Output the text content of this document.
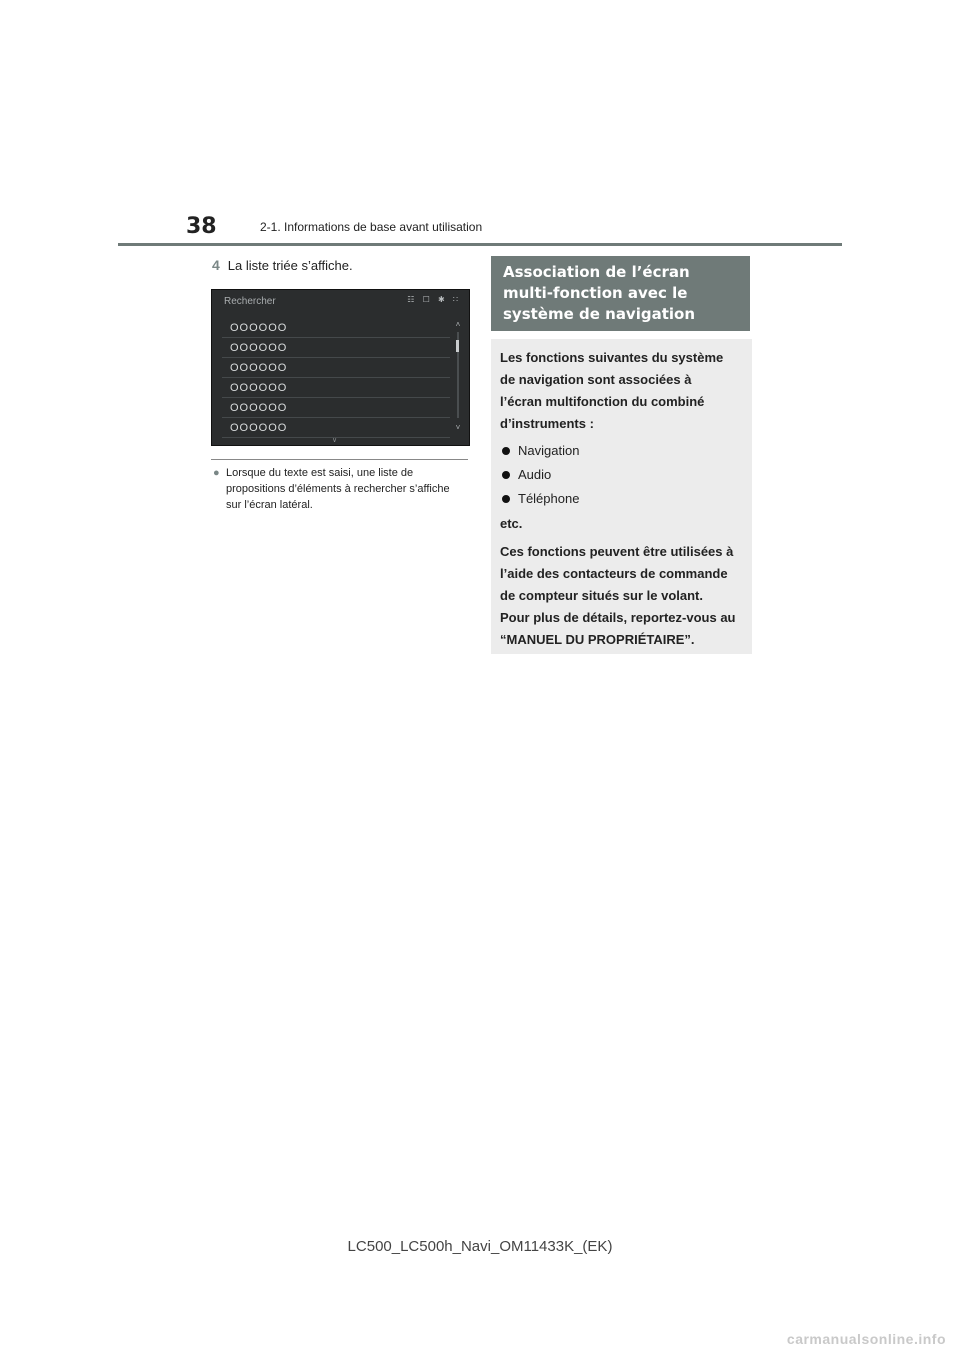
38	2-1. Informations de base avant utilisation
4 La liste triée s’affiche.
Rechercher	☷ ☐ ✱ ∷
OOOOOO
OOOOOO
OOOOOO
OOOOOO
OOOOOO
OOOOOO
˄
˅
∨
● Lorsque du texte est saisi, une liste de propositions d’éléments à rechercher s’affiche sur l’écran latéral.
Association de l’écran multi-fonction avec le système de navigation

Les fonctions suivantes du système de navigation sont associées à l’écran multifonction du combiné d’instruments :

Navigation
Audio
Téléphone

etc.

Ces fonctions peuvent être utilisées à l’aide des contacteurs de commande de compteur situés sur le volant. Pour plus de détails, reportez-vous au “MANUEL DU PROPRIÉTAIRE”.

LC500_LC500h_Navi_OM11433K_(EK)
carmanualsonline.info
